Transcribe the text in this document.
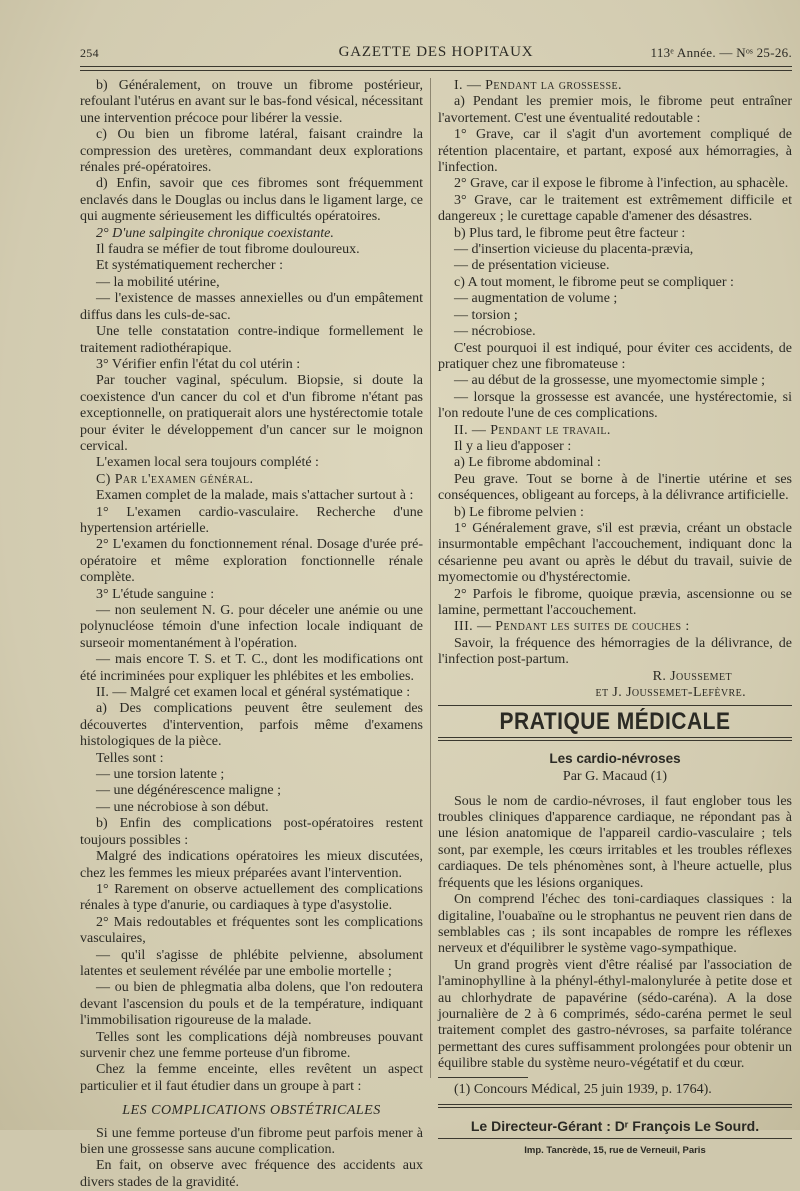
254	GAZETTE DES HOPITAUX	113ᵉ Année. — Nᵒˢ 25-26.

b) Généralement, on trouve un fibrome postérieur, refoulant l'utérus en avant sur le bas-fond vésical, nécessitant une intervention précoce pour libérer la vessie.

c) Ou bien un fibrome latéral, faisant craindre la compression des uretères, commandant deux explorations rénales pré-opératoires.

d) Enfin, savoir que ces fibromes sont fréquemment enclavés dans le Douglas ou inclus dans le ligament large, ce qui augmente sérieusement les difficultés opératoires.

2° D'une salpingite chronique coexistante.

Il faudra se méfier de tout fibrome douloureux.

Et systématiquement rechercher :

— la mobilité utérine,

— l'existence de masses annexielles ou d'un empâtement diffus dans les culs-de-sac.

Une telle constatation contre-indique formellement le traitement radiothérapique.

3° Vérifier enfin l'état du col utérin :

Par toucher vaginal, spéculum. Biopsie, si doute la coexistence d'un cancer du col et d'un fibrome n'étant pas exceptionnelle, on pratiquerait alors une hystérectomie totale pour éviter le développement d'un cancer sur le moignon cervical.

L'examen local sera toujours complété :

C) Par l'examen général.

Examen complet de la malade, mais s'attacher surtout à :

1° L'examen cardio-vasculaire. Recherche d'une hypertension artérielle.

2° L'examen du fonctionnement rénal. Dosage d'urée pré-opératoire et même exploration fonctionnelle rénale complète.

3° L'étude sanguine :

— non seulement N. G. pour déceler une anémie ou une polynucléose témoin d'une infection locale indiquant de surseoir momentanément à l'opération.

— mais encore T. S. et T. C., dont les modifications ont été incriminées pour expliquer les phlébites et les embolies.

II. — Malgré cet examen local et général systématique :

a) Des complications peuvent être seulement des découvertes d'intervention, parfois même d'examens histologiques de la pièce.

Telles sont :

— une torsion latente ;

— une dégénérescence maligne ;

— une nécrobiose à son début.

b) Enfin des complications post-opératoires restent toujours possibles :

Malgré des indications opératoires les mieux discutées, chez les femmes les mieux préparées avant l'intervention.

1° Rarement on observe actuellement des complications rénales à type d'anurie, ou cardiaques à type d'asystolie.

2° Mais redoutables et fréquentes sont les complications vasculaires,

— qu'il s'agisse de phlébite pelvienne, absolument latentes et seulement révélée par une embolie mortelle ;

— ou bien de phlegmatia alba dolens, que l'on redoutera devant l'ascension du pouls et de la température, indiquant l'immobilisation rigoureuse de la malade.

Telles sont les complications déjà nombreuses pouvant survenir chez une femme porteuse d'un fibrome.

Chez la femme enceinte, elles revêtent un aspect particulier et il faut étudier dans un groupe à part :

LES COMPLICATIONS OBSTÉTRICALES

Si une femme porteuse d'un fibrome peut parfois mener à bien une grossesse sans aucune complication.

En fait, on observe avec fréquence des accidents aux divers stades de la gravidité.

I. — Pendant la grossesse.

a) Pendant les premier mois, le fibrome peut entraîner l'avortement. C'est une éventualité redoutable :

1° Grave, car il s'agit d'un avortement compliqué de rétention placentaire, et partant, exposé aux hémorragies, à l'infection.

2° Grave, car il expose le fibrome à l'infection, au sphacèle.

3° Grave, car le traitement est extrêmement difficile et dangereux ; le curettage capable d'amener des désastres.

b) Plus tard, le fibrome peut être facteur :

— d'insertion vicieuse du placenta-prævia,

— de présentation vicieuse.

c) A tout moment, le fibrome peut se compliquer :

— augmentation de volume ;

— torsion ;

— nécrobiose.

C'est pourquoi il est indiqué, pour éviter ces accidents, de pratiquer chez une fibromateuse :

— au début de la grossesse, une myomectomie simple ;

— lorsque la grossesse est avancée, une hystérectomie, si l'on redoute l'une de ces complications.

II. — Pendant le travail.

Il y a lieu d'apposer :

a) Le fibrome abdominal :

Peu grave. Tout se borne à de l'inertie utérine et ses conséquences, obligeant au forceps, à la délivrance artificielle.

b) Le fibrome pelvien :

1° Généralement grave, s'il est prævia, créant un obstacle insurmontable empêchant l'accouchement, indiquant donc la césarienne peu avant ou après le début du travail, suivie de myomectomie ou d'hystérectomie.

2° Parfois le fibrome, quoique prævia, ascensionne ou se lamine, permettant l'accouchement.

III. — Pendant les suites de couches :

Savoir, la fréquence des hémorragies de la délivrance, de l'infection post-partum.

R. Joussemet

et J. Joussemet-Lefèvre.

PRATIQUE MÉDICALE
Les cardio-névroses
Par G. Macaud (1)

Sous le nom de cardio-névroses, il faut englober tous les troubles cliniques d'apparence cardiaque, ne répondant pas à une lésion anatomique de l'appareil cardio-vasculaire ; tels sont, par exemple, les cœurs irritables et les troubles réflexes cardiaques. De tels phénomènes sont, à l'heure actuelle, plus fréquents que les lésions organiques.

On comprend l'échec des toni-cardiaques classiques : la digitaline, l'ouabaïne ou le strophantus ne peuvent rien dans de semblables cas ; ils sont incapables de rompre les réflexes nerveux et d'équilibrer le système vago-sympathique.

Un grand progrès vient d'être réalisé par l'association de l'aminophylline à la phényl-éthyl-malonylurée à petite dose et au chlorhydrate de papavérine (sédo-caréna). A la dose journalière de 2 à 6 comprimés, sédo-caréna permet le seul traitement complet des gastro-névroses, sa parfaite tolérance permettant des cures suffisamment prolongées pour obtenir un équilibre stable du système neuro-végétatif et du cœur.

(1) Concours Médical, 25 juin 1939, p. 1764).

Le Directeur-Gérant : Dʳ François Le Sourd.
Imp. Tancrède, 15, rue de Verneuil, Paris
